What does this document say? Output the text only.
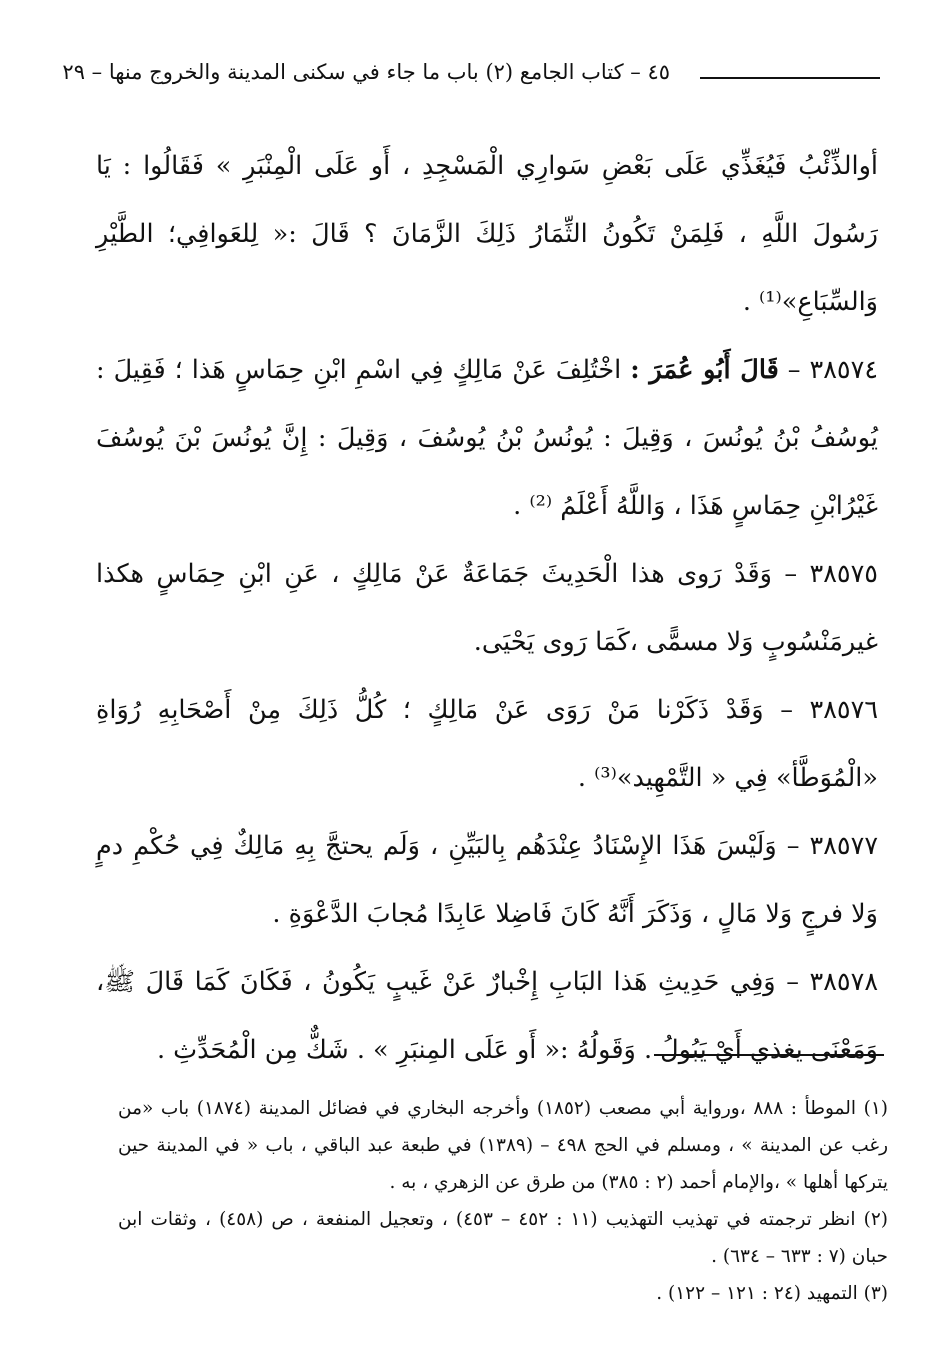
٤٥ – كتاب الجامع (٢) باب ما جاء في سكنى المدينة والخروج منها – ٢٩

أوالذِّئْبُ فَيُغَذِّي عَلَى بَعْضِ سَوارِي الْمَسْجِدِ ، أَو عَلَى الْمِنْبَرِ » فَقَالُوا : يَا رَسُولَ اللَّهِ ، فَلِمَنْ تَكُونُ الثِّمَارُ ذَلِكَ الزَّمَانَ ؟ قَالَ :« لِلعَوافِي؛ الطَّيْرِ وَالسِّبَاعِ»⁽¹⁾ .

٣٨٥٧٤ – قَالَ أَبُو عُمَرَ : اخْتُلِفَ عَنْ مَالِكٍ فِي اسْمِ ابْنِ حِمَاسٍ هَذا ؛ فَقِيلَ : يُوسُفُ بْنُ يُونُسَ ، وَقِيلَ : يُونُسُ بْنُ يُوسُفَ ، وَقِيلَ : إِنَّ يُونُسَ بْنَ يُوسُفَ غَيْرُابْنِ حِمَاسٍ هَذَا ، وَاللَّهُ أَعْلَمُ ⁽²⁾ .

٣٨٥٧٥ – وَقَدْ رَوى هذا الْحَدِيثَ جَمَاعَةٌ عَنْ مَالِكٍ ، عَنِ ابْنِ حِمَاسٍ هكذا غيرمَنْسُوبٍ وَلا مسمًّى ،كَمَا رَوى يَحْيَى.

٣٨٥٧٦ – وَقَدْ ذَكَرْنا مَنْ رَوَى عَنْ مَالِكٍ ؛ كُلُّ ذَلِكَ مِنْ أَصْحَابِهِ رُوَاةِ «الْمُوَطَّأ» فِي « التَّمْهِيد»⁽³⁾ .

٣٨٥٧٧ – وَلَيْسَ هَذَا الإِسْنَادُ عِنْدَهُم بِالبَيِّنِ ، وَلَم يحتجَّ بِهِ مَالِكٌ فِي حُكْمِ دمٍ وَلا فرجٍ وَلا مَالٍ ، وَذَكَرَ أَنَّهُ كَانَ فَاضِلا عَابِدًا مُجابَ الدَّعْوَةِ .

٣٨٥٧٨ – وَفِي حَدِيثِ هَذا البَابِ إِخْبارٌ عَنْ غَيبٍ يَكُونُ ، فَكَانَ كَمَا قَالَ ﷺ، وَمَعْنَى يغذي أَيْ يَبُولُ . وَقَولُهُ :« أَو عَلَى المِنبَرِ » . شَكٌّ مِن الْمُحَدِّثِ .

(١) الموطأ : ٨٨٨ ،ورواية أبي مصعب (١٨٥٢) وأخرجه البخاري في فضائل المدينة (١٨٧٤) باب «من رغب عن المدينة » ، ومسلم في الحج ٤٩٨ – (١٣٨٩) في طبعة عبد الباقي ، باب « في المدينة حين يتركها أهلها » ،والإمام أحمد (٢ : ٣٨٥) من طرق عن الزهري ، به .

(٢) انظر ترجمته في تهذيب التهذيب (١١ : ٤٥٢ – ٤٥٣) ، وتعجيل المنفعة ، ص (٤٥٨) ، وثقات ابن حبان (٧ : ٦٣٣ – ٦٣٤) .

(٣) التمهيد (٢٤ : ١٢١ – ١٢٢) .
